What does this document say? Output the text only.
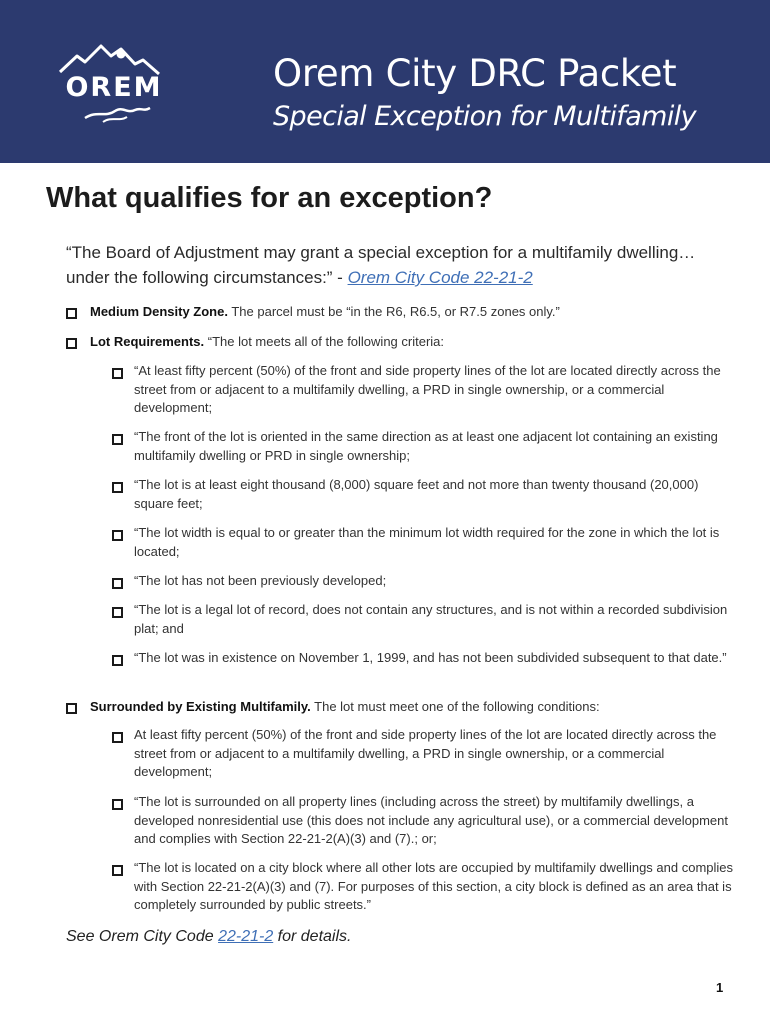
OREM	Orem City DRC Packet
Special Exception for Multifamily
What qualifies for an exception?
“The Board of Adjustment may grant a special exception for a multifamily dwelling… under the following circumstances:” - Orem City Code 22-21-2
Medium Density Zone. The parcel must be “in the R6, R6.5, or R7.5 zones only.”
Lot Requirements. “The lot meets all of the following criteria:
“At least fifty percent (50%) of the front and side property lines of the lot are located directly across the street from or adjacent to a multifamily dwelling, a PRD in single ownership, or a commercial development;
“The front of the lot is oriented in the same direction as at least one adjacent lot containing an existing multifamily dwelling or PRD in single ownership;
“The lot is at least eight thousand (8,000) square feet and not more than twenty thousand (20,000) square feet;
“The lot width is equal to or greater than the minimum lot width required for the zone in which the lot is located;
“The lot has not been previously developed;
“The lot is a legal lot of record, does not contain any structures, and is not within a recorded subdivision plat; and
“The lot was in existence on November 1, 1999, and has not been subdivided subsequent to that date.”
Surrounded by Existing Multifamily. The lot must meet one of the following conditions:
At least fifty percent (50%) of the front and side property lines of the lot are located directly across the street from or adjacent to a multifamily dwelling, a PRD in single ownership, or a commercial development;
“The lot is surrounded on all property lines (including across the street) by multifamily dwellings, a developed nonresidential use (this does not include any agricultural use), or a commercial development and complies with Section 22-21-2(A)(3) and (7).; or;
“The lot is located on a city block where all other lots are occupied by multifamily dwellings and complies with Section 22-21-2(A)(3) and (7). For purposes of this section, a city block is defined as an area that is completely surrounded by public streets.”
See Orem City Code 22-21-2 for details.
1
